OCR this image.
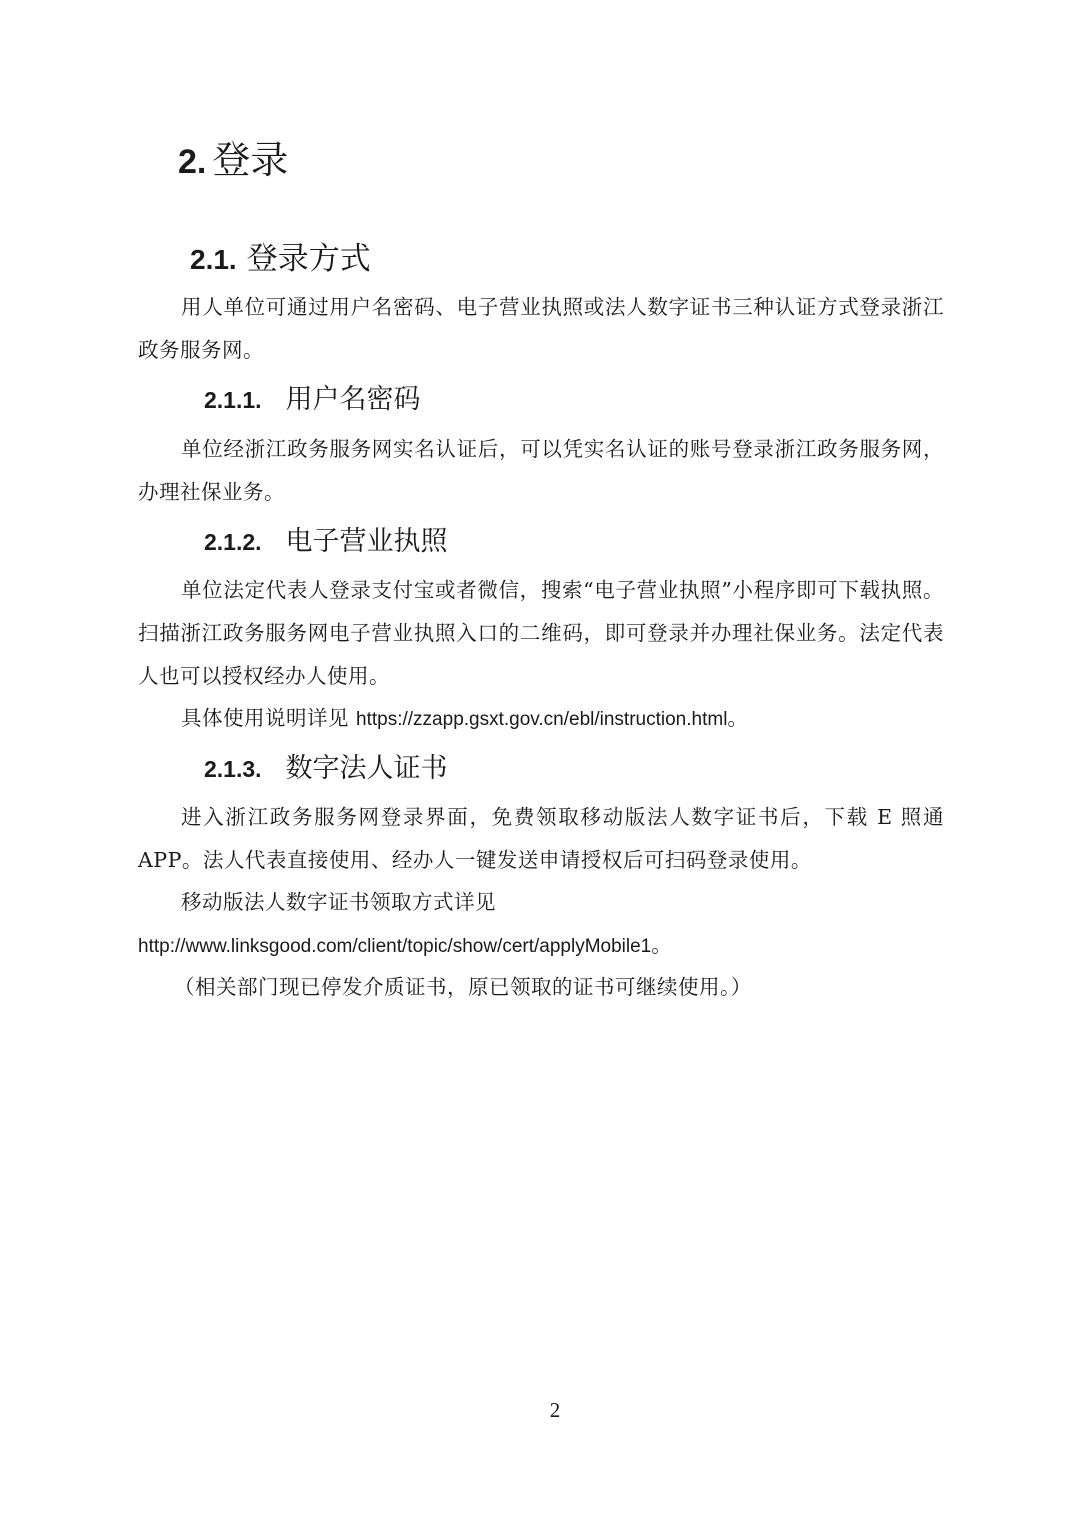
2. 登录
2.1. 登录方式
用人单位可通过用户名密码、电子营业执照或法人数字证书三种认证方式登录浙江政务服务网。
2.1.1. 用户名密码
单位经浙江政务服务网实名认证后，可以凭实名认证的账号登录浙江政务服务网，办理社保业务。
2.1.2. 电子营业执照
单位法定代表人登录支付宝或者微信，搜索“电子营业执照”小程序即可下载执照。扫描浙江政务服务网电子营业执照入口的二维码，即可登录并办理社保业务。法定代表人也可以授权经办人使用。
具体使用说明详见 https://zzapp.gsxt.gov.cn/ebl/instruction.html。
2.1.3. 数字法人证书
进入浙江政务服务网登录界面，免费领取移动版法人数字证书后，下载 E 照通 APP。法人代表直接使用、经办人一键发送申请授权后可扫码登录使用。
移动版法人数字证书领取方式详见
http://www.linksgood.com/client/topic/show/cert/applyMobile1。
（相关部门现已停发介质证书，原已领取的证书可继续使用。）
2
